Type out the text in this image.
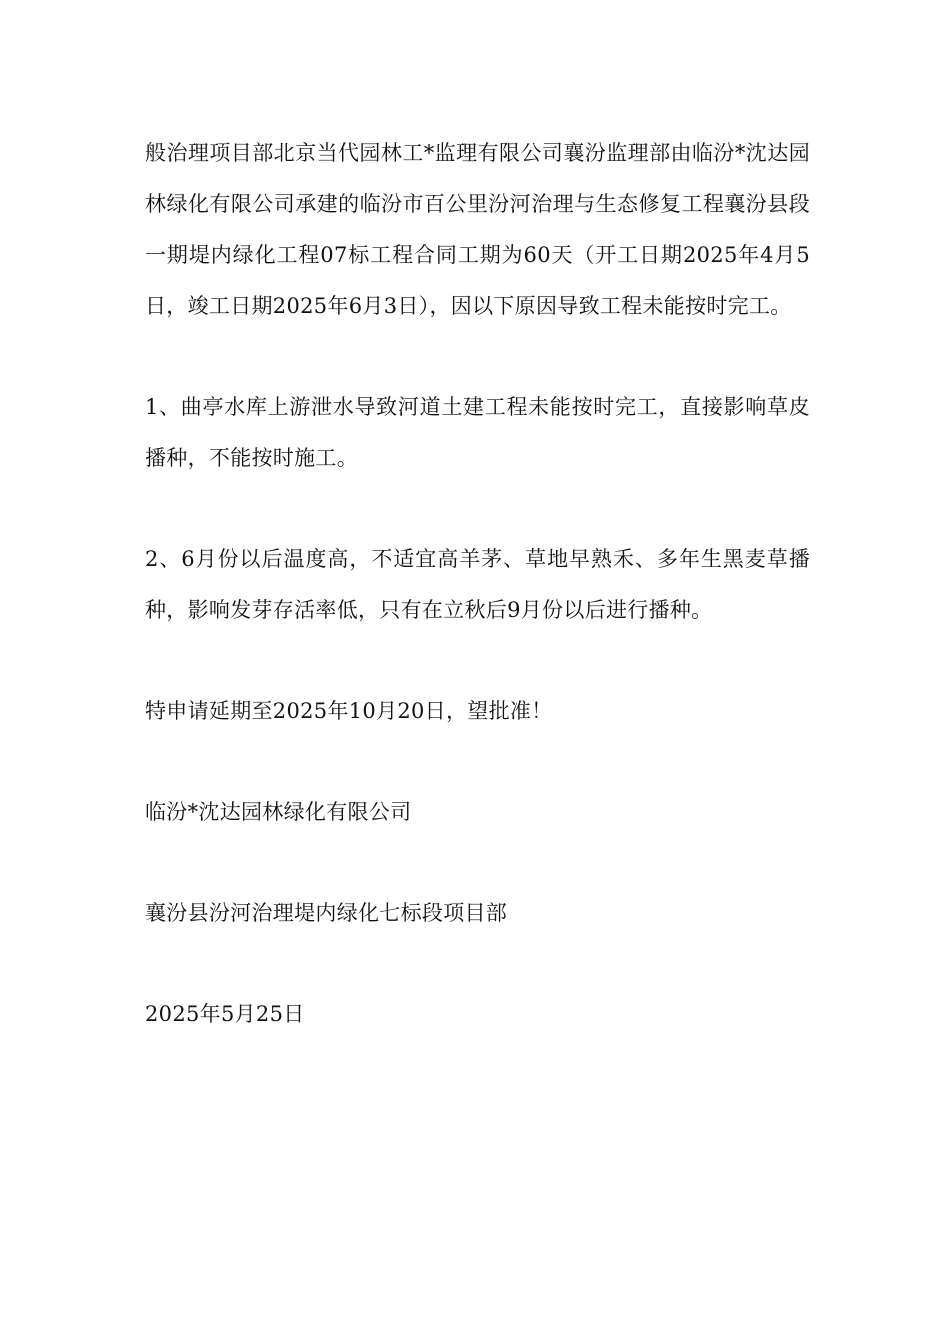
般治理项目部北京当代园林工*监理有限公司襄汾监理部由临汾*沈达园林绿化有限公司承建的临汾市百公里汾河治理与生态修复工程襄汾县段一期堤内绿化工程07标工程合同工期为60天（开工日期2025年4月5日，竣工日期2025年6月3日），因以下原因导致工程未能按时完工。

1、曲亭水库上游泄水导致河道土建工程未能按时完工，直接影响草皮播种，不能按时施工。

2、6月份以后温度高，不适宜高羊茅、草地早熟禾、多年生黑麦草播种，影响发芽存活率低，只有在立秋后9月份以后进行播种。

特申请延期至2025年10月20日，望批准！

临汾*沈达园林绿化有限公司

襄汾县汾河治理堤内绿化七标段项目部

2025年5月25日
